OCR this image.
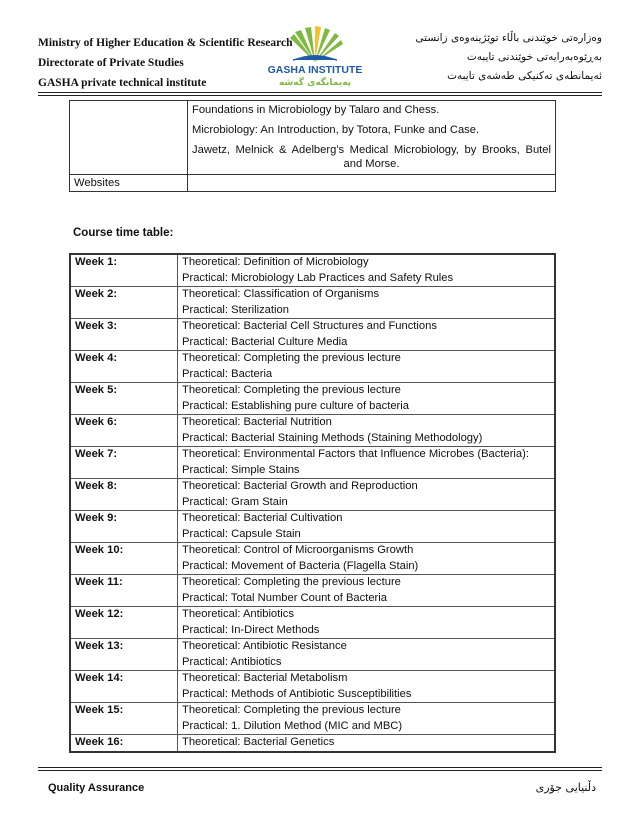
Ministry of Higher Education & Scientific Research
Directorate of Private Studies
GASHA private technical institute
GASHA INSTITUTE
پەیمانگەی گەشە
وەزارەتی خوێندنی باڵاء توێژینەوەی زانستی
بەڕێوەبەرایەتی خوێندنی تایبەت
ئەیمانطەی تەکنیکی طەشەی تایبەت

	Foundations in Microbiology by Talaro and Chess.

Microbiology: An Introduction, by Totora, Funke and Case.

Jawetz, Melnick & Adelberg's Medical Microbiology, by Brooks, Butel and Morse.

Websites	
Course time table:
Week 1:	Theoretical: Definition of Microbiology
Practical: Microbiology Lab Practices and Safety Rules

Week 2:	Theoretical: Classification of Organisms
Practical: Sterilization

Week 3:	Theoretical: Bacterial Cell Structures and Functions
Practical: Bacterial Culture Media

Week 4:	Theoretical: Completing the previous lecture
Practical: Bacteria

Week 5:	Theoretical: Completing the previous lecture
Practical: Establishing pure culture of bacteria

Week 6:	Theoretical: Bacterial Nutrition
Practical: Bacterial Staining Methods (Staining Methodology)

Week 7:	Theoretical: Environmental Factors that Influence Microbes (Bacteria):
Practical: Simple Stains

Week 8:	Theoretical: Bacterial Growth and Reproduction
Practical: Gram Stain

Week 9:	Theoretical: Bacterial Cultivation
Practical: Capsule Stain

Week 10:	Theoretical: Control of Microorganisms Growth
Practical: Movement of Bacteria (Flagella Stain)

Week 11:	Theoretical: Completing the previous lecture
Practical: Total Number Count of Bacteria

Week 12:	Theoretical: Antibiotics
Practical: In-Direct Methods

Week 13:	Theoretical: Antibiotic Resistance
Practical: Antibiotics

Week 14:	Theoretical: Bacterial Metabolism
Practical: Methods of Antibiotic Susceptibilities

Week 15:	Theoretical: Completing the previous lecture
Practical: 1. Dilution Method (MIC and MBC)

Week 16:	Theoretical: Bacterial Genetics
Quality Assurance	دڵنیایی جۆری
